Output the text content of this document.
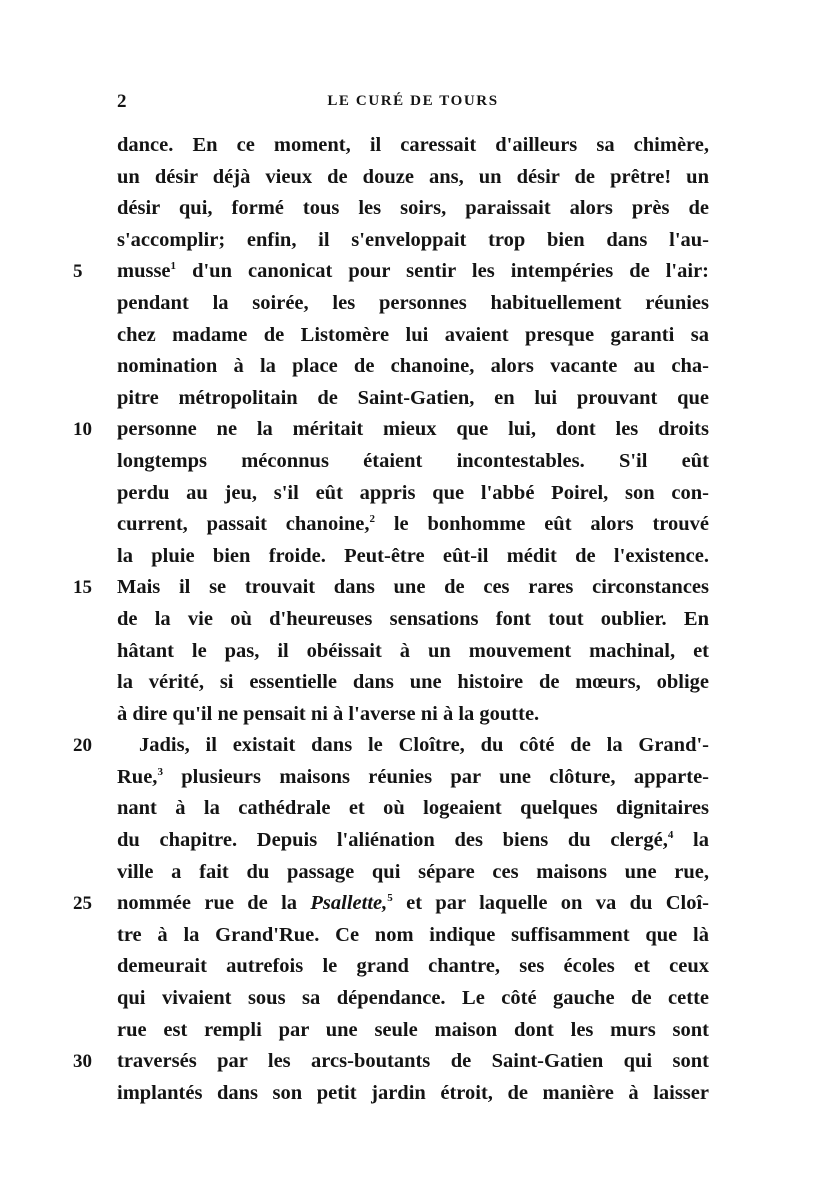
2	LE CURÉ DE TOURS
dance. En ce moment, il caressait d'ailleurs sa chimère,
un désir déjà vieux de douze ans, un désir de prêtre! un
désir qui, formé tous les soirs, paraissait alors près de
s'accomplir; enfin, il s'enveloppait trop bien dans l'au-
5	musse$^1$ d'un canonicat pour sentir les intempéries de l'air:
pendant la soirée, les personnes habituellement réunies
chez madame de Listomère lui avaient presque garanti sa
nomination à la place de chanoine, alors vacante au cha-
pitre métropolitain de Saint-Gatien, en lui prouvant que
10	personne ne la méritait mieux que lui, dont les droits
longtemps méconnus étaient incontestables. S'il eût
perdu au jeu, s'il eût appris que l'abbé Poirel, son con-
current, passait chanoine,$^2$ le bonhomme eût alors trouvé
la pluie bien froide. Peut-être eût-il médit de l'existence.
15	Mais il se trouvait dans une de ces rares circonstances
de la vie où d'heureuses sensations font tout oublier. En
hâtant le pas, il obéissait à un mouvement machinal, et
la vérité, si essentielle dans une histoire de mœurs, oblige
à dire qu'il ne pensait ni à l'averse ni à la goutte.
20	Jadis, il existait dans le Cloître, du côté de la Grand'-
Rue,$^3$ plusieurs maisons réunies par une clôture, apparte-
nant à la cathédrale et où logeaient quelques dignitaires
du chapitre. Depuis l'aliénation des biens du clergé,$^4$ la
ville a fait du passage qui sépare ces maisons une rue,
25	nommée rue de la Psallette,$^5$ et par laquelle on va du Cloî-
tre à la Grand'Rue. Ce nom indique suffisamment que là
demeurait autrefois le grand chantre, ses écoles et ceux
qui vivaient sous sa dépendance. Le côté gauche de cette
rue est rempli par une seule maison dont les murs sont
30	traversés par les arcs-boutants de Saint-Gatien qui sont
implantés dans son petit jardin étroit, de manière à laisser
